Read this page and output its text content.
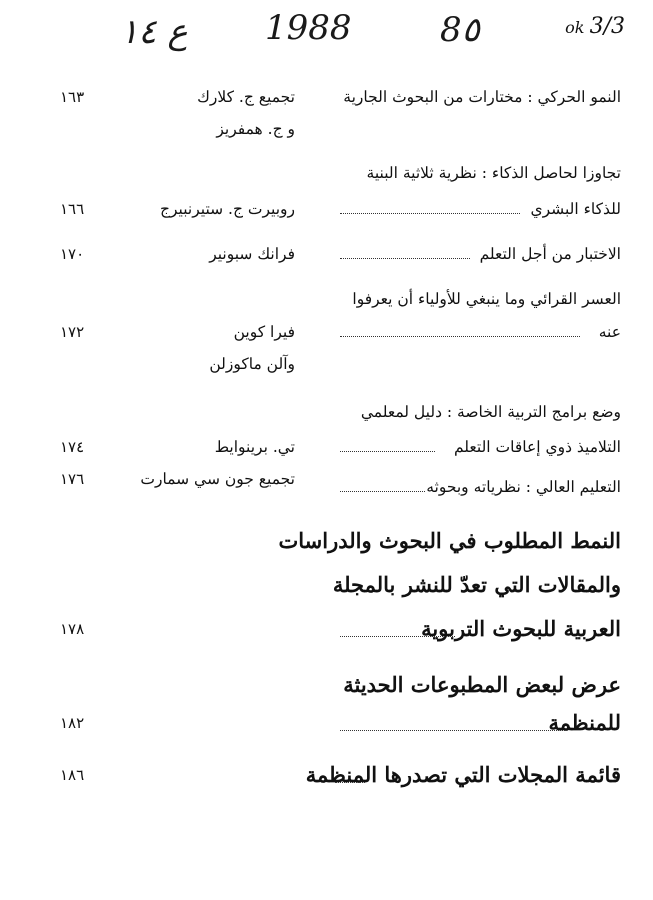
ﻉ ١٤ 1988	8٥	ok 3/3
النمو الحركي : مختارات من البحوث الجارية
تجميع ج. كلارك
و ج. همفريز
١٦٣
تجاوزا لحاصل الذكاء : نظرية ثلاثية البنية
للذكاء البشري
روبيرت ج. ستيرنبيرج
١٦٦
الاختبار من أجل التعلم
فرانك سبونير
١٧٠
العسر القرائي وما ينبغي للأولياء أن يعرفوا
عنه
فيرا كوين
وآلن ماكوزلن
١٧٢
وضع برامج التربية الخاصة : دليل لمعلمي
التلاميذ ذوي إعاقات التعلم
تي. برينوايط
١٧٤
التعليم العالي : نظرياته وبحوثه
تجميع جون سي سمارت
١٧٦
النمط المطلوب في البحوث والدراسات
والمقالات التي تعدّ للنشر بالمجلة
العربية للبحوث التربوية
١٧٨
عرض لبعض المطبوعات الحديثة
للمنظمة
١٨٢
قائمة المجلات التي تصدرها المنظمة
١٨٦
